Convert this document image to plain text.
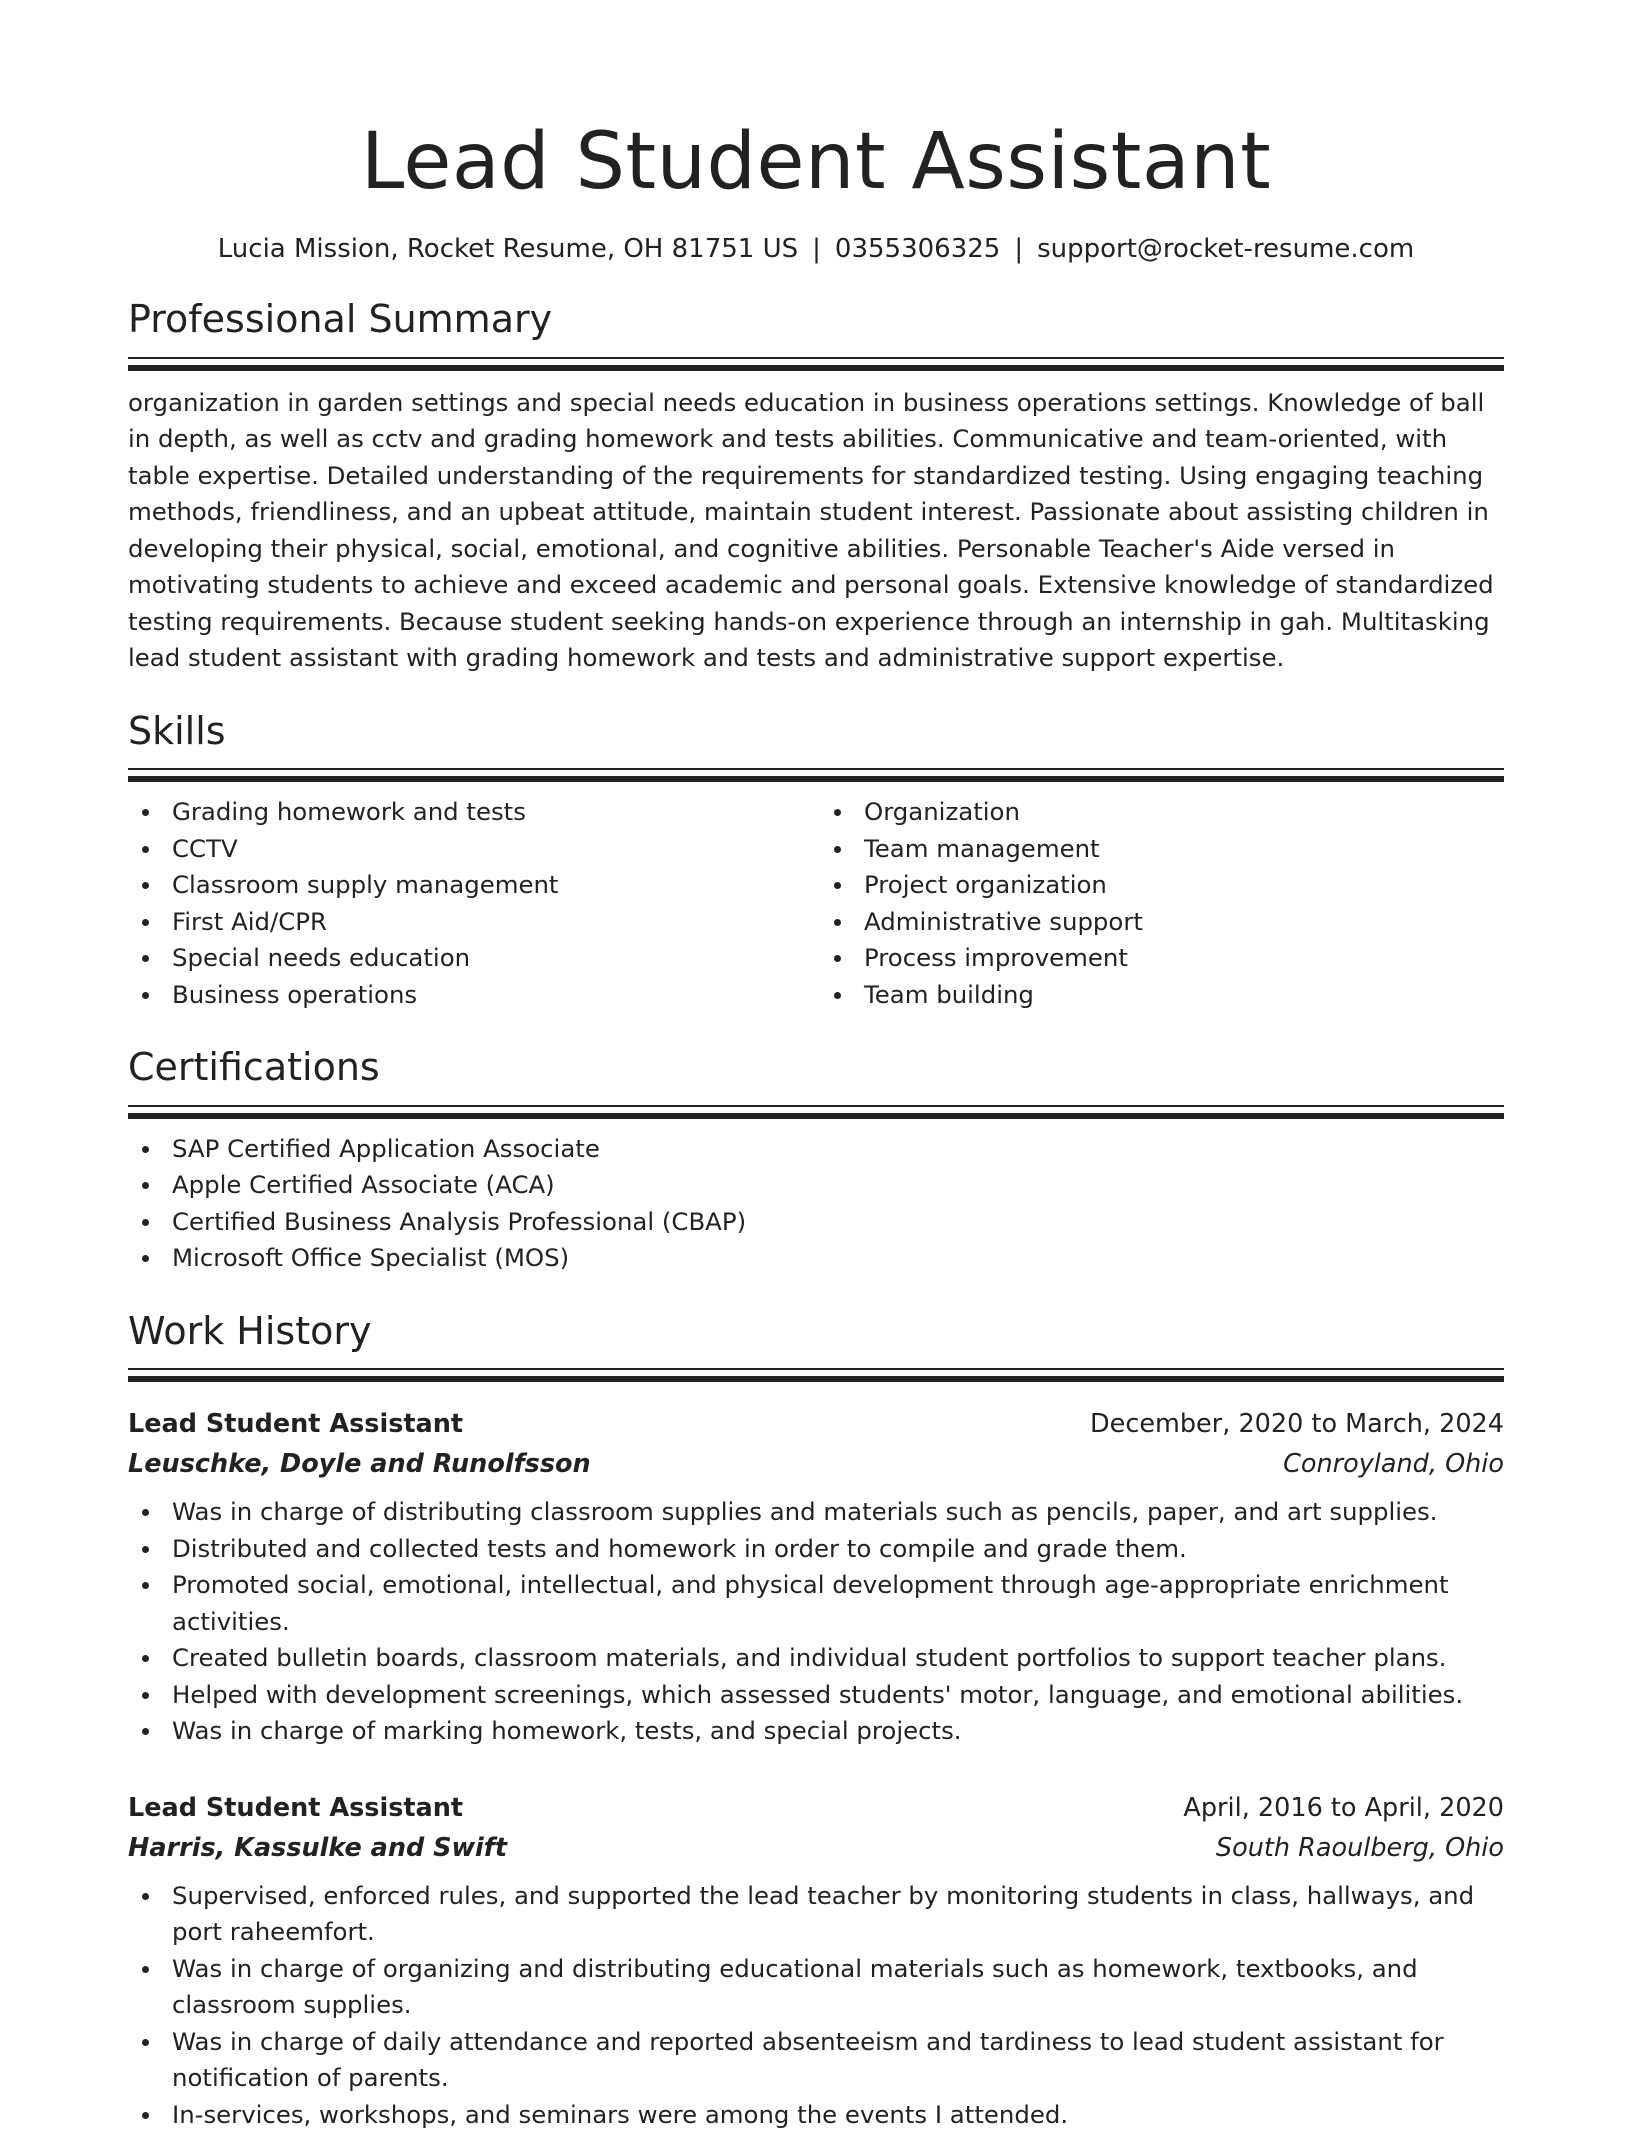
Lead Student Assistant
Lucia Mission, Rocket Resume, OH 81751 US | 0355306325 | support@rocket-resume.com
Professional Summary

organization in garden settings and special needs education in business operations settings. Knowledge of ball in depth, as well as cctv and grading homework and tests abilities. Communicative and team-oriented, with table expertise. Detailed understanding of the requirements for standardized testing. Using engaging teaching methods, friendliness, and an upbeat attitude, maintain student interest. Passionate about assisting children in developing their physical, social, emotional, and cognitive abilities. Personable Teacher's Aide versed in motivating students to achieve and exceed academic and personal goals. Extensive knowledge of standardized testing requirements. Because student seeking hands-on experience through an internship in gah. Multitasking lead student assistant with grading homework and tests and administrative support expertise.

Skills
Grading homework and tests
CCTV
Classroom supply management
First Aid/CPR
Special needs education
Business operations
Organization
Team management
Project organization
Administrative support
Process improvement
Team building
Certifications
SAP Certified Application Associate
Apple Certified Associate (ACA)
Certified Business Analysis Professional (CBAP)
Microsoft Office Specialist (MOS)
Work History
Lead Student Assistant	December, 2020 to March, 2024
Leuschke, Doyle and Runolfsson	Conroyland, Ohio
Was in charge of distributing classroom supplies and materials such as pencils, paper, and art supplies.
Distributed and collected tests and homework in order to compile and grade them.
Promoted social, emotional, intellectual, and physical development through age-appropriate enrichment activities.
Created bulletin boards, classroom materials, and individual student portfolios to support teacher plans.
Helped with development screenings, which assessed students' motor, language, and emotional abilities.
Was in charge of marking homework, tests, and special projects.
Lead Student Assistant	April, 2016 to April, 2020
Harris, Kassulke and Swift	South Raoulberg, Ohio
Supervised, enforced rules, and supported the lead teacher by monitoring students in class, hallways, and port raheemfort.
Was in charge of organizing and distributing educational materials such as homework, textbooks, and classroom supplies.
Was in charge of daily attendance and reported absenteeism and tardiness to lead student assistant for notification of parents.
In-services, workshops, and seminars were among the events I attended.
